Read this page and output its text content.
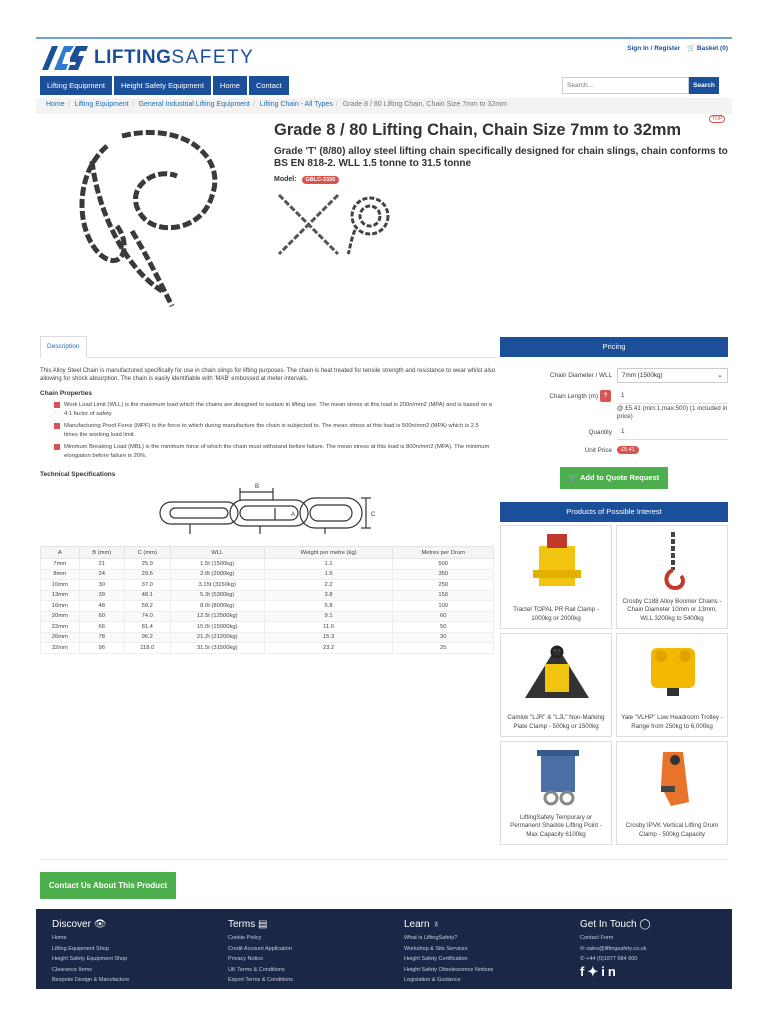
LIFTINGSAFETY	Sign In / Register 🛒 Basket (0)
Lifting Equipment	Height Safety Equipment	Home	Contact
Search...	Search
Home / Lifting Equipment / General Industrial Lifting Equipment / Lifting Chain - All Types / Grade 8 / 80 Lifting Chain, Chain Size 7mm to 32mm
Grade 8 / 80 Lifting Chain, Chain Size 7mm to 32mm
TOP
Grade 'T' (8/80) alloy steel lifting chain specifically designed for chain slings, chain conforms to BS EN 818-2. WLL 1.5 tonne to 31.5 tonne
Model: GBLC-3330
Description
This Alloy Steel Chain is manufactured specifically for use in chain slings for lifting purposes. The chain is heat treated for tensile strength and resistance to wear whilst also allowing for shock absorption. The chain is easily identifiable with 'MAB' embossed at meter intervals.
Chain Properties
Work Load Limit (WLL) is the maximum load which the chains are designed to sustain in lifting use. The mean stress at this load is 200n/mm2 (MPA) and is based on a 4:1 factor of safety
Manufacturing Proof Force (MPF) is the force to which during manufacture the chain is subjected to. The mean stress at this load is 500n/mm2 (MPA) which is 2.5 times the working load limit.
Minimum Breaking Load (MBL) is the minimum force of which the chain must withstand before failure. The mean stress at this load is 800n/mm2 (MPA). The minimum elongation before failure is 20%.
Technical Specifications
B
A	C
A	B (mm)	C (mm)	WLL	Weight per metre (kg)	Metres per Drum
7mm	21	25.9	1.5t (1500kg)	1.1	500
8mm	24	29.6	2.0t (2000kg)	1.5	350
10mm	30	37.0	3.15t (3150kg)	2.2	250
13mm	39	48.1	5.3t (5300kg)	3.8	150
16mm	48	59.2	8.0t (8000kg)	5.8	100
20mm	60	74.0	12.5t (12500kg)	9.1	60
22mm	66	81.4	15.0t (15000kg)	11.0	50
26mm	78	96.2	21.2t (21200kg)	15.3	30
32mm	96	118.0	31.5t (31500kg)	23.2	25
Pricing
Chain Diameter / WLL	7mm (1500kg)	⌄
Chain Length (m) ?	1
@ £5.41 (min:1,max:500) (1 included in price)
Quantity	1
Unit Price	£5.41
🛒 Add to Quote Request
Products of Possible Interest
Tractel TOPAL PR Rail Clamp - 1000kg or 2000kg
Crosby C188 Alloy Boomer Chains - Chain Diameter 10mm or 13mm, WLL 3200kg to 5400kg
Camlok "LJR" & "LJL" Non-Marking Plate Clamp - 500kg or 1500kg
Yale "VLHP" Low Headroom Trolley - Range from 250kg to 6,000kg
LiftingSafety Temporary or Permanent Shackle Lifting Point - Max Capacity 6100kg
Crosby IPVK Vertical Lifting Drum Clamp - 500kg Capacity
Contact Us About This Product
Discover 👁
Home
Lifting Equipment Shop
Height Safety Equipment Shop
Clearance Items
Bespoke Design & Manufacture
Terms ▤
Cookie Policy
Credit Account Application
Privacy Notice
UK Terms & Conditions
Export Terms & Conditions
Learn ♁
What is LiftingSafety?
Workshop & Site Services
Height Safety Certification
Height Safety Obsolescence Notices
Legislation & Guidance
Get In Touch ◯
Contact Form
✉ sales@liftingsafety.co.uk
✆ +44 (0)1977 684 600
f✦in
